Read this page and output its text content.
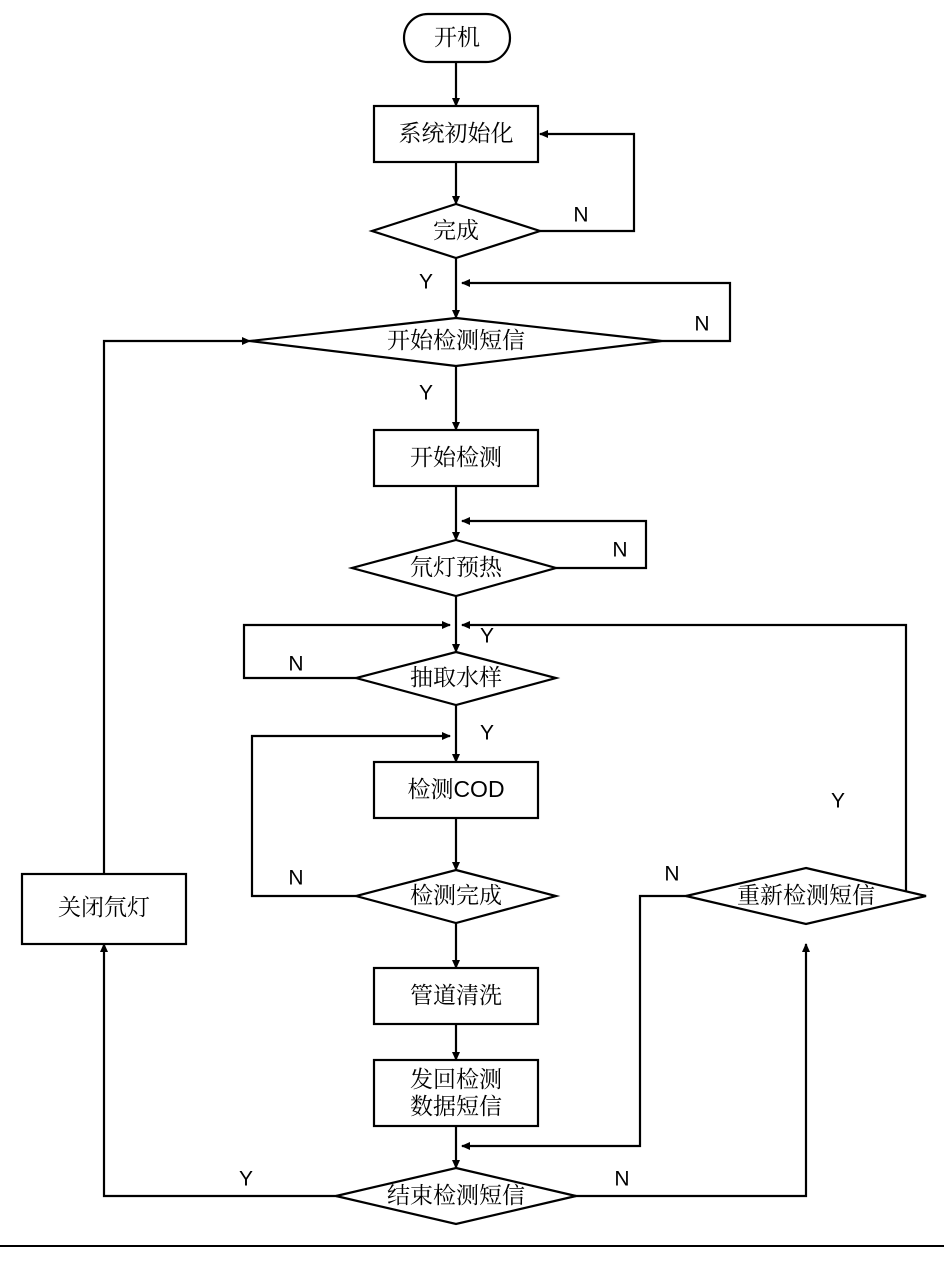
开机
系统初始化
完成
开始检测短信
开始检测
氘灯预热
抽取水样
检测COD
检测完成
管道清洗
发回检测
数据短信
结束检测短信
重新检测短信
关闭氘灯
N
Y
N
Y
N
Y
N
Y
N
Y	N
N
Y
